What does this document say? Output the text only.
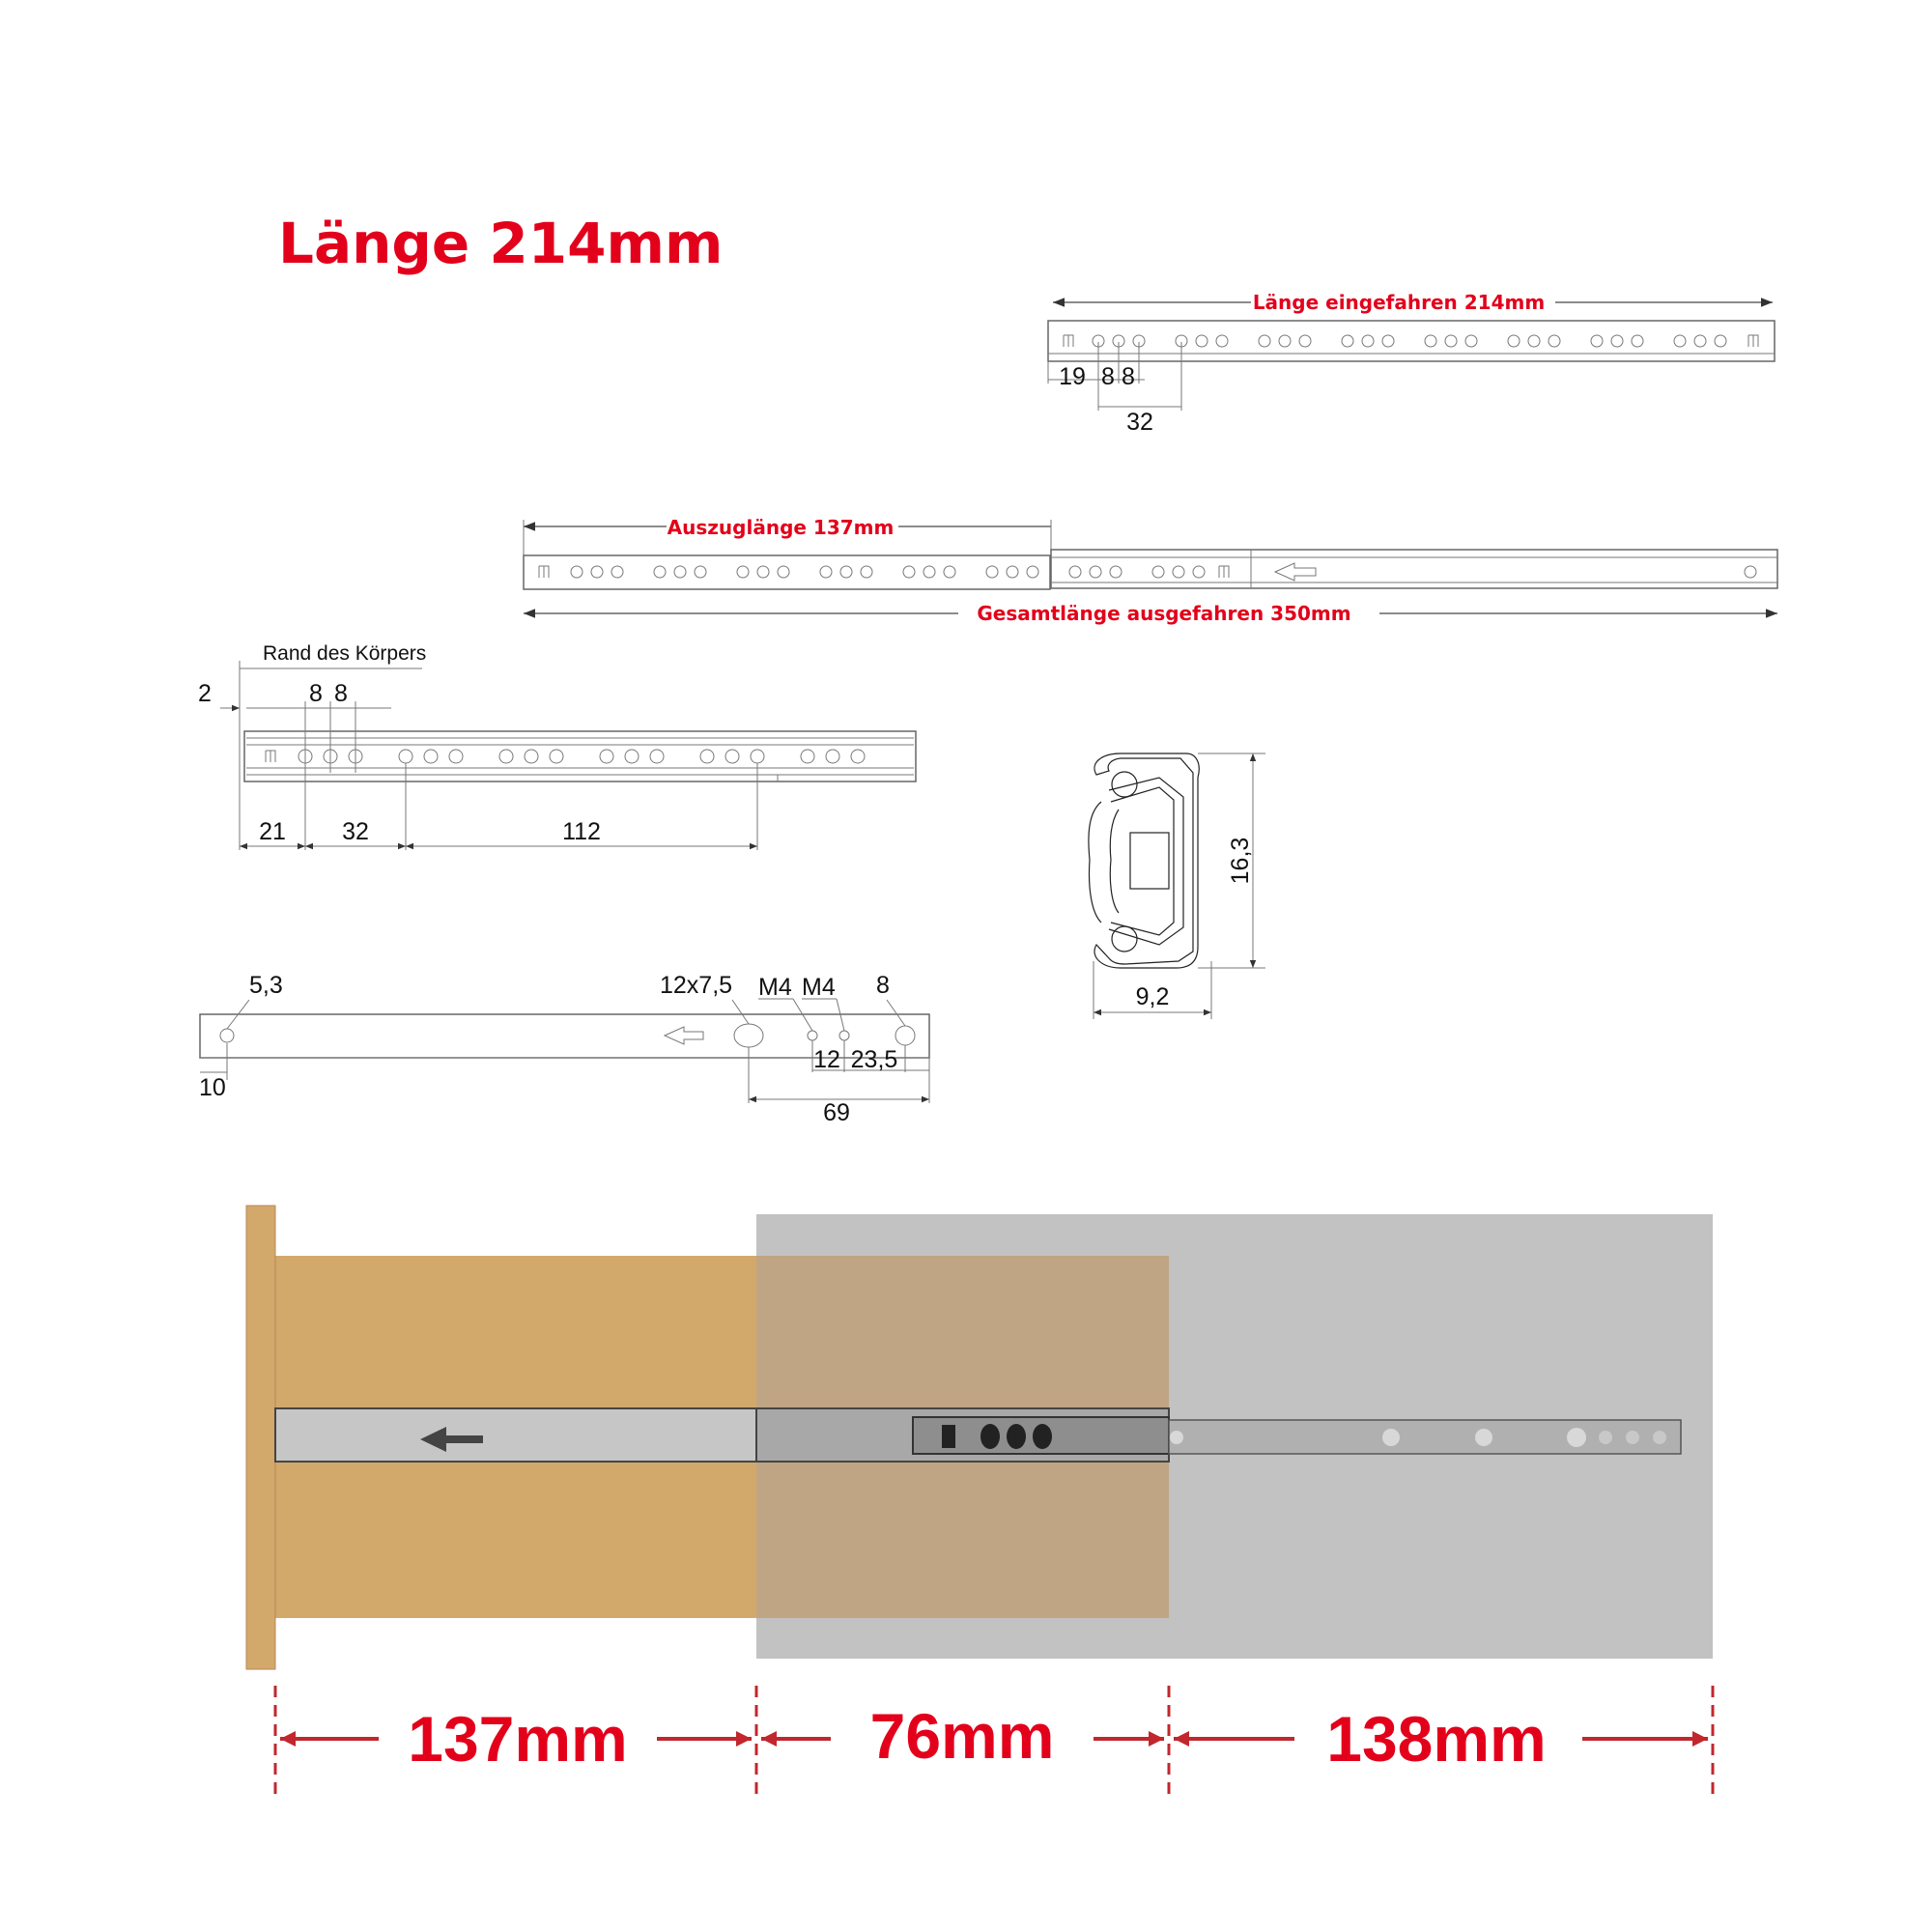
Länge 214mm
Länge eingefahren 214mm
19 8 8
32
Auszuglänge 137mm
Gesamtlänge ausgefahren 350mm
Rand des Körpers
2	8 8
21 32	112
5,3	12x7,5 M4 M4 8
10
12 23,5
69
16,3
9,2
137mm	76mm	138mm
